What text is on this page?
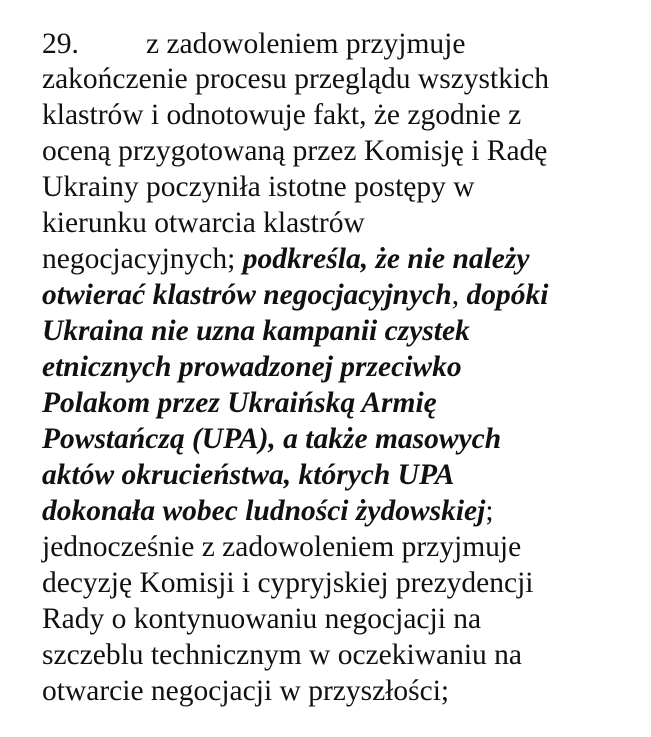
29. z zadowoleniem przyjmuje
zakończenie procesu przeglądu wszystkich
klastrów i odnotowuje fakt, że zgodnie z
oceną przygotowaną przez Komisję i Radę
Ukrainy poczyniła istotne postępy w
kierunku otwarcia klastrów
negocjacyjnych; podkreśla, że nie należy
otwierać klastrów negocjacyjnych, dopóki
Ukraina nie uzna kampanii czystek
etnicznych prowadzonej przeciwko
Polakom przez Ukraińską Armię
Powstańczą (UPA), a także masowych
aktów okrucieństwa, których UPA
dokonała wobec ludności żydowskiej;
jednocześnie z zadowoleniem przyjmuje
decyzję Komisji i cypryjskiej prezydencji
Rady o kontynuowaniu negocjacji na
szczeblu technicznym w oczekiwaniu na
otwarcie negocjacji w przyszłości;
